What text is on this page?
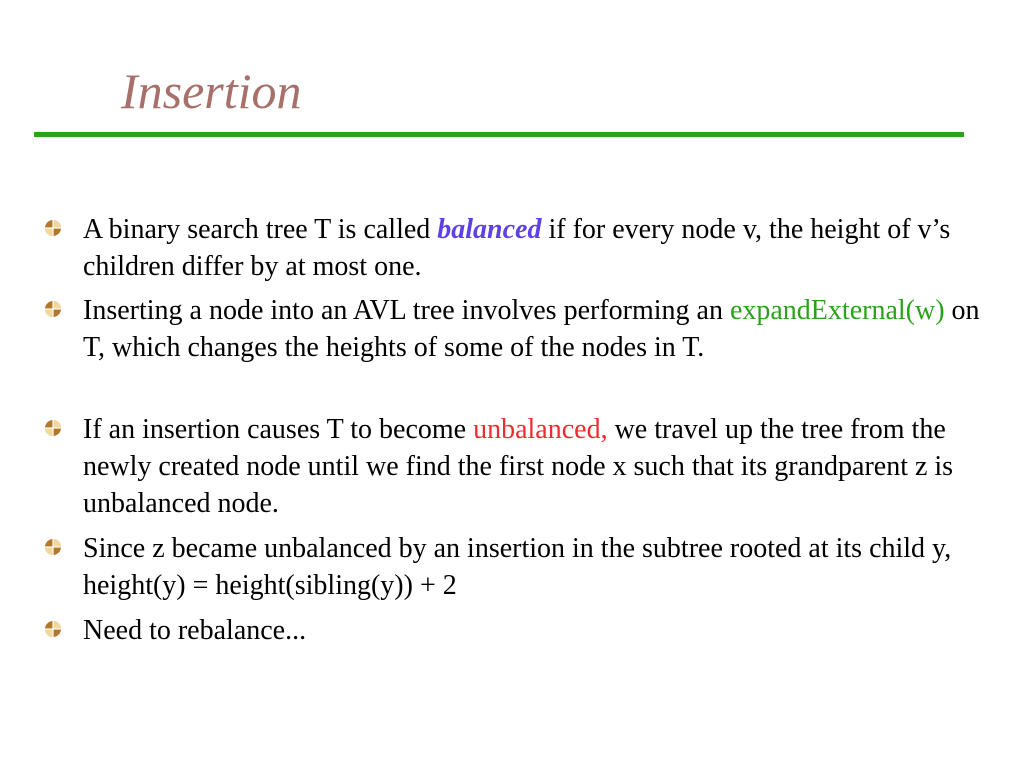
Insertion
A binary search tree T is called balanced if for every node v, the height of v’s children differ by at most one.
Inserting a node into an AVL tree involves performing an expandExternal(w) on T, which changes the heights of some of the nodes in T.
If an insertion causes T to become unbalanced, we travel up the tree from the newly created node until we find the first node x such that its grandparent z is unbalanced node.
Since z became unbalanced by an insertion in the subtree rooted at its child y, height(y) = height(sibling(y)) + 2
Need to rebalance...
